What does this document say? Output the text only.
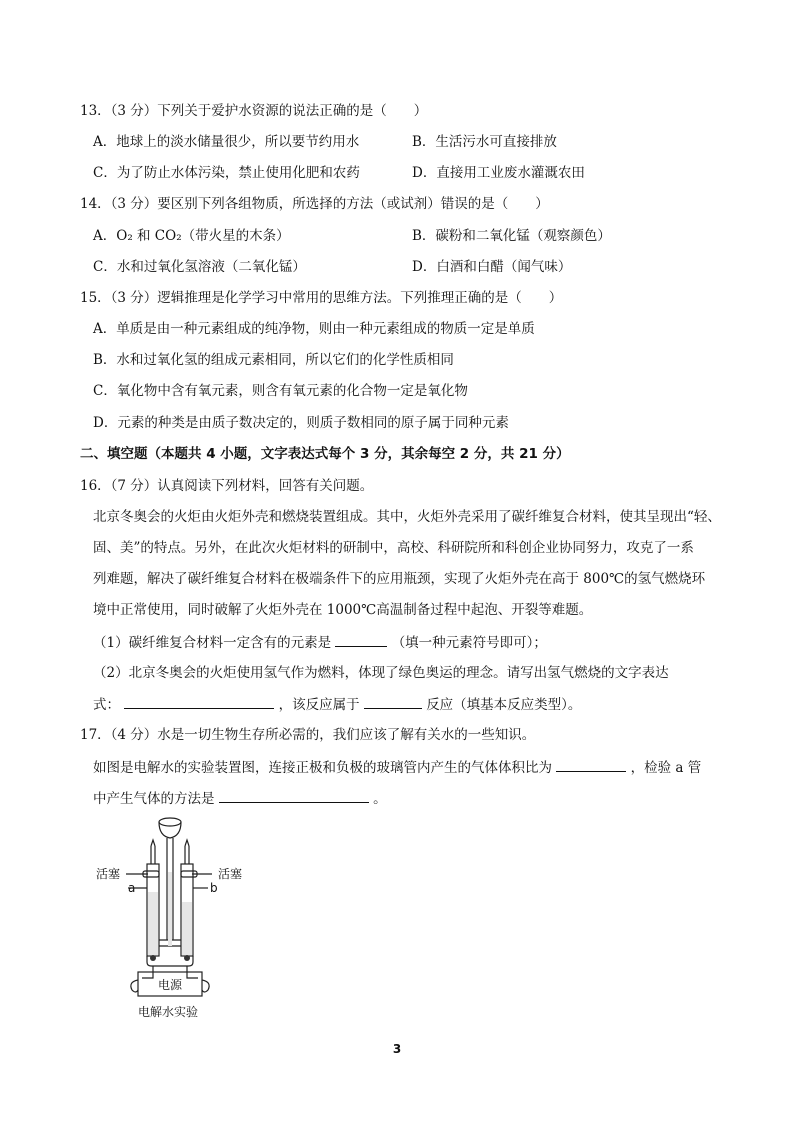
13．（3 分）下列关于爱护水资源的说法正确的是（　　）
A．地球上的淡水储量很少，所以要节约用水	B．生活污水可直接排放
C．为了防止水体污染，禁止使用化肥和农药	D．直接用工业废水灌溉农田
14．（3 分）要区别下列各组物质，所选择的方法（或试剂）错误的是（　　）
A．O₂ 和 CO₂（带火星的木条）	B．碳粉和二氧化锰（观察颜色）
C．水和过氧化氢溶液（二氧化锰）	D．白酒和白醋（闻气味）
15．（3 分）逻辑推理是化学学习中常用的思维方法。下列推理正确的是（　　）
A．单质是由一种元素组成的纯净物，则由一种元素组成的物质一定是单质
B．水和过氧化氢的组成元素相同，所以它们的化学性质相同
C．氧化物中含有氧元素，则含有氧元素的化合物一定是氧化物
D．元素的种类是由质子数决定的，则质子数相同的原子属于同种元素
二、填空题（本题共 4 小题，文字表达式每个 3 分，其余每空 2 分，共 21 分）
16．（7 分）认真阅读下列材料，回答有关问题。
北京冬奥会的火炬由火炬外壳和燃烧装置组成。其中，火炬外壳采用了碳纤维复合材料，使其呈现出“轻、
固、美”的特点。另外，在此次火炬材料的研制中，高校、科研院所和科创企业协同努力，攻克了一系
列难题，解决了碳纤维复合材料在极端条件下的应用瓶颈，实现了火炬外壳在高于 800℃的氢气燃烧环
境中正常使用，同时破解了火炬外壳在 1000℃高温制备过程中起泡、开裂等难题。
（1）碳纤维复合材料一定含有的元素是	（填一种元素符号即可）；
（2）北京冬奥会的火炬使用氢气作为燃料，体现了绿色奥运的理念。请写出氢气燃烧的文字表达
式：	，该反应属于	反应（填基本反应类型）。
17．（4 分）水是一切生物生存所必需的，我们应该了解有关水的一些知识。
如图是电解水的实验装置图，连接正极和负极的玻璃管内产生的气体体积比为	，检验 a 管
中产生气体的方法是	。
活塞	活塞
a	b
电源
电解水实验
3
